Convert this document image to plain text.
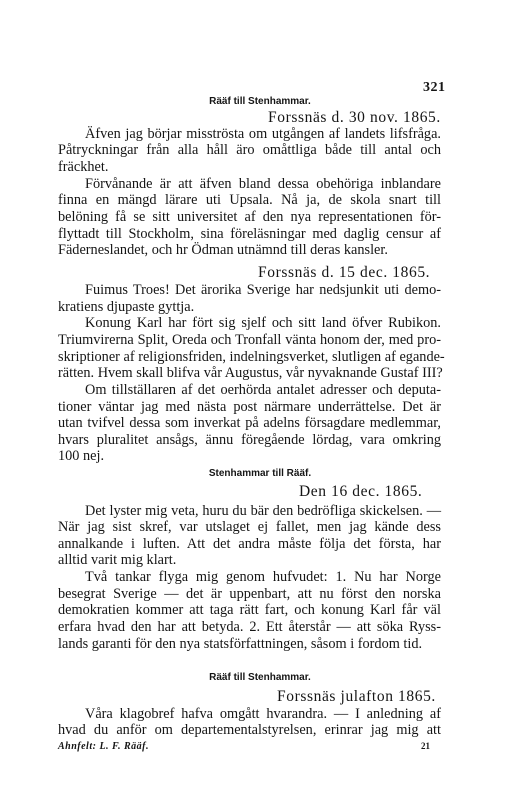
321
Rääf till Stenhammar.
Forssnäs d. 30 nov. 1865.
Äfven jag börjar misströsta om utgången af landets lifsfråga.
Påtryckningar från alla håll äro omåttliga både till antal och
fräckhet.
Förvånande är att äfven bland dessa obehöriga inblandare
finna en mängd lärare uti Upsala. Nå ja, de skola snart till
belöning få se sitt universitet af den nya representationen för-
flyttadt till Stockholm, sina föreläsningar med daglig censur af
Fäderneslandet, och hr Ödman utnämnd till deras kansler.
Forssnäs d. 15 dec. 1865.
Fuimus Troes! Det ärorika Sverige har nedsjunkit uti demo-
kratiens djupaste gyttja.
Konung Karl har fört sig sjelf och sitt land öfver Rubikon.
Triumvirerna Split, Oreda och Tronfall vänta honom der, med pro-
skriptioner af religionsfriden, indelningsverket, slutligen af egande-
rätten. Hvem skall blifva vår Augustus, vår nyvaknande Gustaf III?
Om tillställaren af det oerhörda antalet adresser och deputa-
tioner väntar jag med nästa post närmare underrättelse. Det är
utan tvifvel dessa som inverkat på adelns försagdare medlemmar,
hvars pluralitet ansågs, ännu föregående lördag, vara omkring
100 nej.
Stenhammar till Rääf.
Den 16 dec. 1865.
Det lyster mig veta, huru du bär den bedröfliga skickelsen. —
När jag sist skref, var utslaget ej fallet, men jag kände dess
annalkande i luften. Att det andra måste följa det första, har
alltid varit mig klart.
Två tankar flyga mig genom hufvudet: 1. Nu har Norge
besegrat Sverige — det är uppenbart, att nu först den norska
demokratien kommer att taga rätt fart, och konung Karl får väl
erfara hvad den har att betyda. 2. Ett återstår — att söka Ryss-
lands garanti för den nya statsförfattningen, såsom i fordom tid.
Rääf till Stenhammar.
Forssnäs julafton 1865.
Våra klagobref hafva omgått hvarandra. — I anledning af
hvad du anför om departementalstyrelsen, erinrar jag mig att
Ahnfelt: L. F. Rääf.	21
